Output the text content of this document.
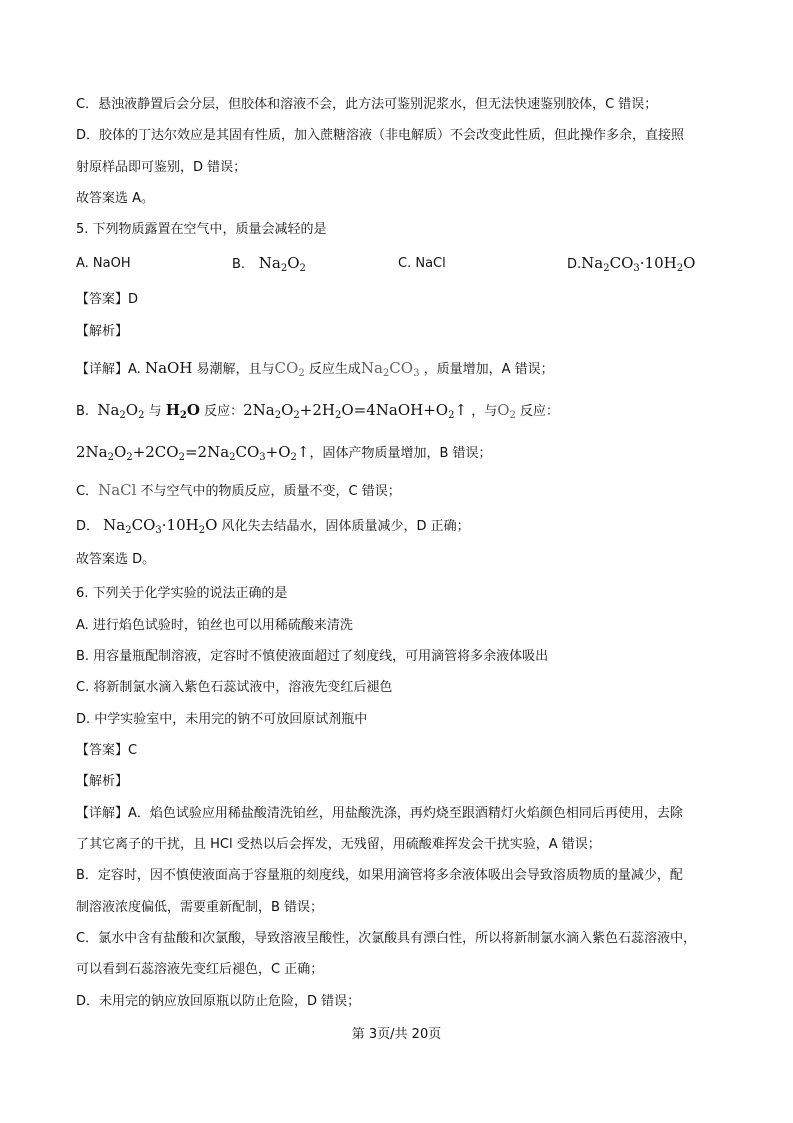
C．悬浊液静置后会分层，但胶体和溶液不会，此方法可鉴别泥浆水，但无法快速鉴别胶体，C 错误；
D．胶体的丁达尔效应是其固有性质，加入蔗糖溶液（非电解质）不会改变此性质，但此操作多余，直接照
射原样品即可鉴别，D 错误；
故答案选 A。
5. 下列物质露置在空气中，质量会减轻的是
A. NaOH	B.   $Na_2O_2$	C. NaCl	$D.Na_2CO_3\cdot 10H_2O$
【答案】D
【解析】
【详解】A. NaOH 易潮解，且与$CO_2$ 反应生成$Na_2CO_3$ ，质量增加，A 错误；
B. $Na_2O_2$ 与 $H_2O$ 反应：$2Na_2O_2+2H_2O=4NaOH+O_2↑$ ，与$O_2$ 反应：
$2Na_2O_2+2CO_2=2Na_2CO_3+O_2↑$，固体产物质量增加，B 错误；
C．NaCl 不与空气中的物质反应，质量不变，C 错误；
D． $Na_2CO_3\cdot 10H_2O$ 风化失去结晶水，固体质量减少，D 正确；
故答案选 D。
6. 下列关于化学实验的说法正确的是
A. 进行焰色试验时，铂丝也可以用稀硫酸来清洗
B. 用容量瓶配制溶液，定容时不慎使液面超过了刻度线，可用滴管将多余液体吸出
C. 将新制氯水滴入紫色石蕊试液中，溶液先变红后褪色
D. 中学实验室中，未用完的钠不可放回原试剂瓶中
【答案】C
【解析】
【详解】A．焰色试验应用稀盐酸清洗铂丝，用盐酸洗涤，再灼烧至跟酒精灯火焰颜色相同后再使用，去除
了其它离子的干扰，且 HCl 受热以后会挥发，无残留，用硫酸难挥发会干扰实验，A 错误；
B．定容时，因不慎使液面高于容量瓶的刻度线，如果用滴管将多余液体吸出会导致溶质物质的量减少，配
制溶液浓度偏低，需要重新配制，B 错误；
C．氯水中含有盐酸和次氯酸，导致溶液呈酸性，次氯酸具有漂白性，所以将新制氯水滴入紫色石蕊溶液中，
可以看到石蕊溶液先变红后褪色，C 正确；
D．未用完的钠应放回原瓶以防止危险，D 错误；
第 3页/共 20页
